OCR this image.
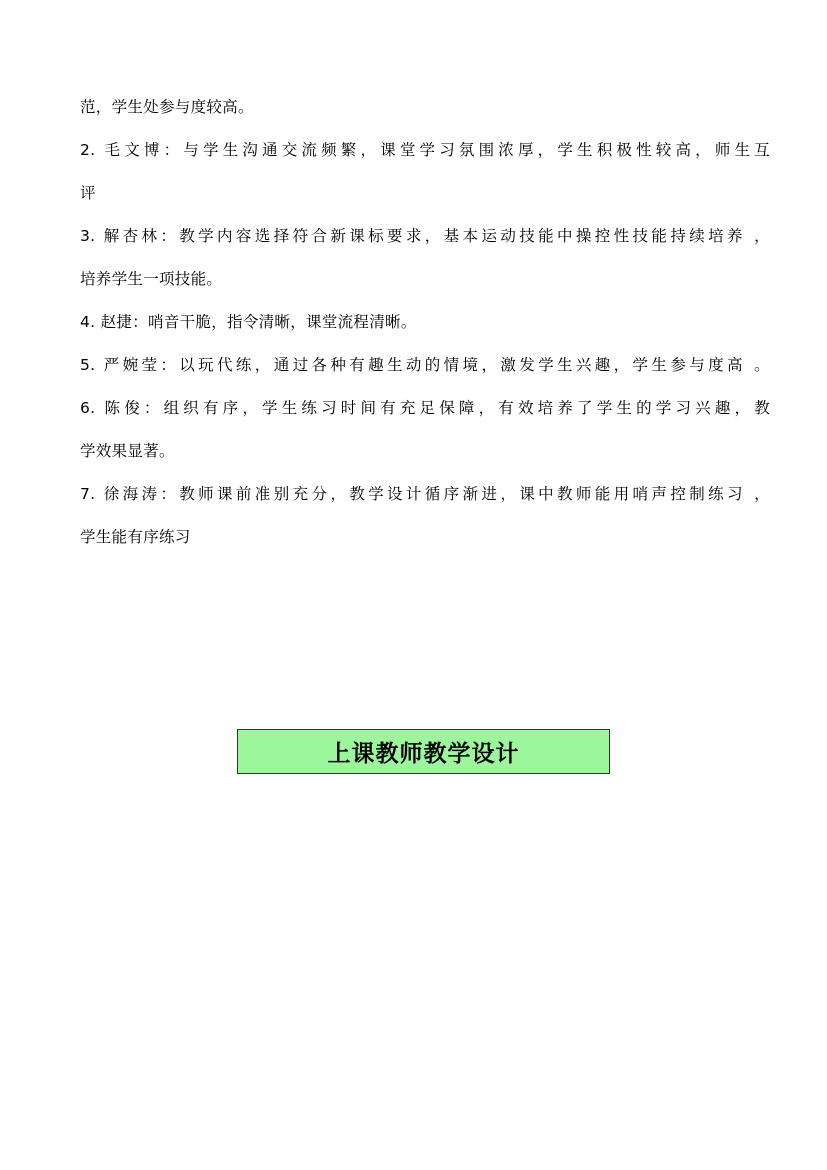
范，学生处参与度较高。
2. 毛文博：与学生沟通交流频繁，课堂学习氛围浓厚，学生积极性较高，师生互
评
3. 解杏林：教学内容选择符合新课标要求，基本运动技能中操控性技能持续培养 ，
培养学生一项技能。
4. 赵捷：哨音干脆，指令清晰，课堂流程清晰。
5. 严婉莹：以玩代练，通过各种有趣生动的情境，激发学生兴趣，学生参与度高 。
6. 陈俊：组织有序，学生练习时间有充足保障，有效培养了学生的学习兴趣，教
学效果显著。
7. 徐海涛：教师课前准别充分，教学设计循序渐进，课中教师能用哨声控制练习 ，
学生能有序练习
上课教师教学设计
